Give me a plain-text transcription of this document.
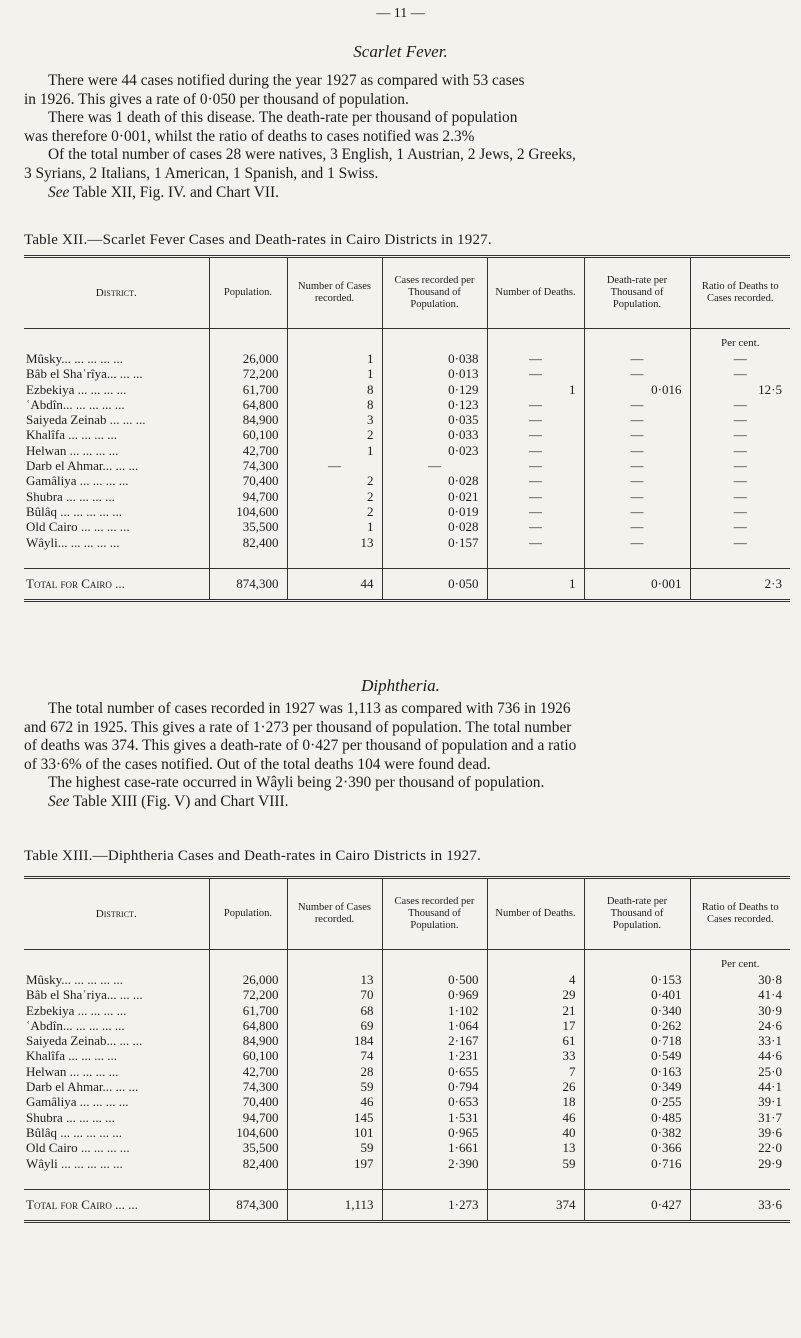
— 11 —
Scarlet Fever.

There were 44 cases notified during the year 1927 as compared with 53 cases

in 1926. This gives a rate of 0·050 per thousand of population.

There was 1 death of this disease. The death-rate per thousand of population

was therefore 0·001, whilst the ratio of deaths to cases notified was 2.3%

Of the total number of cases 28 were natives, 3 English, 1 Austrian, 2 Jews, 2 Greeks,

3 Syrians, 2 Italians, 1 American, 1 Spanish, and 1 Swiss.

See Table XII, Fig. IV. and Chart VII.

Table XII.—Scarlet Fever Cases and Death-rates in Cairo Districts in 1927.
District.	Population.	Number of Cases recorded.	Cases recorded per Thousand of Population.	Number of Deaths.	Death-rate per Thousand of Population.	Ratio of Deaths to Cases recorded.
						Per cent.
Mûsky... ... ... ... ...	26,000	1	0·038	—	—	—
Bâb el Shaʿrîya... ... ...	72,200	1	0·013	—	—	—
Ezbekiya ... ... ... ...	61,700	8	0·129	1	0·016	12·5
ʿAbdîn... ... ... ... ...	64,800	8	0·123	—	—	—
Saiyeda Zeinab ... ... ...	84,900	3	0·035	—	—	—
Khalîfa ... ... ... ...	60,100	2	0·033	—	—	—
Helwan ... ... ... ...	42,700	1	0·023	—	—	—
Darb el Ahmar... ... ...	74,300	—	—	—	—	—
Gamâliya ... ... ... ...	70,400	2	0·028	—	—	—
Shubra ... ... ... ...	94,700	2	0·021	—	—	—
Bûlâq ... ... ... ... ...	104,600	2	0·019	—	—	—
Old Cairo ... ... ... ...	35,500	1	0·028	—	—	—
Wâyli... ... ... ... ...	82,400	13	0·157	—	—	—

Total for Cairo ...	874,300	44	0·050	1	0·001	2·3
Diphtheria.

The total number of cases recorded in 1927 was 1,113 as compared with 736 in 1926

and 672 in 1925. This gives a rate of 1·273 per thousand of population. The total number

of deaths was 374. This gives a death-rate of 0·427 per thousand of population and a ratio

of 33·6% of the cases notified. Out of the total deaths 104 were found dead.

The highest case-rate occurred in Wâyli being 2·390 per thousand of population.

See Table XIII (Fig. V) and Chart VIII.

Table XIII.—Diphtheria Cases and Death-rates in Cairo Districts in 1927.
District.	Population.	Number of Cases recorded.	Cases recorded per Thousand of Population.	Number of Deaths.	Death-rate per Thousand of Population.	Ratio of Deaths to Cases recorded.
						Per cent.
Mûsky... ... ... ... ...	26,000	13	0·500	4	0·153	30·8
Bâb el Shaʿriya... ... ...	72,200	70	0·969	29	0·401	41·4
Ezbekiya ... ... ... ...	61,700	68	1·102	21	0·340	30·9
ʿAbdîn... ... ... ... ...	64,800	69	1·064	17	0·262	24·6
Saiyeda Zeinab... ... ...	84,900	184	2·167	61	0·718	33·1
Khalîfa ... ... ... ...	60,100	74	1·231	33	0·549	44·6
Helwan ... ... ... ...	42,700	28	0·655	7	0·163	25·0
Darb el Ahmar... ... ...	74,300	59	0·794	26	0·349	44·1
Gamâliya ... ... ... ...	70,400	46	0·653	18	0·255	39·1
Shubra ... ... ... ...	94,700	145	1·531	46	0·485	31·7
Bûlâq ... ... ... ... ...	104,600	101	0·965	40	0·382	39·6
Old Cairo ... ... ... ...	35,500	59	1·661	13	0·366	22·0
Wâyli ... ... ... ... ...	82,400	197	2·390	59	0·716	29·9

Total for Cairo ... ...	874,300	1,113	1·273	374	0·427	33·6
